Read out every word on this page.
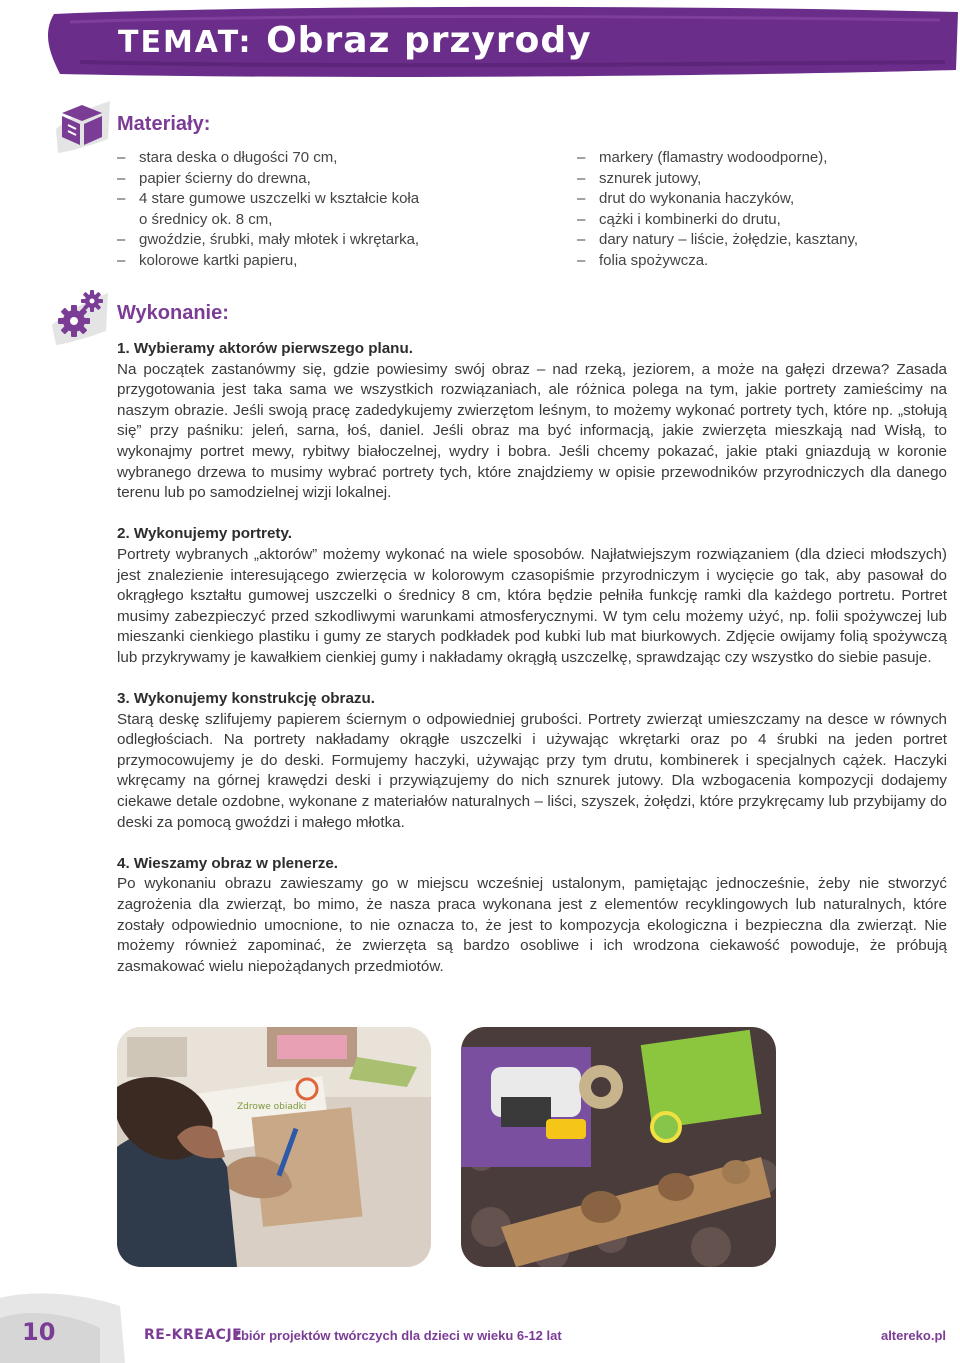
TEMAT: Obraz przyrody
Materiały:
– stara deska o długości 70 cm,
– papier ścierny do drewna,
– 4 stare gumowe uszczelki w kształcie koła
o średnicy ok. 8 cm,
– gwoździe, śrubki, mały młotek i wkrętarka,
– kolorowe kartki papieru,
– markery (flamastry wodoodporne),
– sznurek jutowy,
– drut do wykonania haczyków,
– cążki i kombinerki do drutu,
– dary natury – liście, żołędzie, kasztany,
– folia spożywcza.
Wykonanie:
1. Wybieramy aktorów pierwszego planu.

Na początek zastanówmy się, gdzie powiesimy swój obraz – nad rzeką, jeziorem, a może na gałęzi drzewa? Zasada przygotowania jest taka sama we wszystkich rozwiązaniach, ale różnica polega na tym, jakie portrety zamieścimy na naszym obrazie. Jeśli swoją pracę zadedykujemy zwierzętom leśnym, to możemy wykonać portrety tych, które np. „stołują się” przy paśniku: jeleń, sarna, łoś, daniel. Jeśli obraz ma być informacją, jakie zwierzęta mieszkają nad Wisłą, to wykonajmy portret mewy, rybitwy białoczelnej, wydry i bobra. Jeśli chcemy pokazać, jakie ptaki gniazdują w koronie wybranego drzewa to musimy wybrać portrety tych, które znajdziemy w opisie przewodników przyrodniczych dla danego terenu lub po samodzielnej wizji lokalnej.

2. Wykonujemy portrety.

Portrety wybranych „aktorów” możemy wykonać na wiele sposobów. Najłatwiejszym rozwiązaniem (dla dzieci młodszych) jest znalezienie interesującego zwierzęcia w kolorowym czasopiśmie przyrodniczym i wycięcie go tak, aby pasował do okrągłego kształtu gumowej uszczelki o średnicy 8 cm, która będzie pełniła funkcję ramki dla każdego portretu. Portret musimy zabezpieczyć przed szkodliwymi warunkami atmosferycznymi. W tym celu możemy użyć, np. folii spożywczej lub mieszanki cienkiego plastiku i gumy ze starych podkładek pod kubki lub mat biurkowych. Zdjęcie owijamy folią spożywczą lub przykrywamy je kawałkiem cienkiej gumy i nakładamy okrągłą uszczelkę, sprawdzając czy wszystko do siebie pasuje.

3. Wykonujemy konstrukcję obrazu.

Starą deskę szlifujemy papierem ściernym o odpowiedniej grubości. Portrety zwierząt umieszczamy na desce w równych odległościach. Na portrety nakładamy okrągłe uszczelki i używając wkrętarki oraz po 4 śrubki na jeden portret przymocowujemy je do deski. Formujemy haczyki, używając przy tym drutu, kombinerek i specjalnych cążek. Haczyki wkręcamy na górnej krawędzi deski i przywiązujemy do nich sznurek jutowy. Dla wzbogacenia kompozycji dodajemy ciekawe detale ozdobne, wykonane z materiałów naturalnych – liści, szyszek, żołędzi, które przykręcamy lub przybijamy do deski za pomocą gwoździ i małego młotka.

4. Wieszamy obraz w plenerze.

Po wykonaniu obrazu zawieszamy go w miejscu wcześniej ustalonym, pamiętając jednocześnie, żeby nie stworzyć zagrożenia dla zwierząt, bo mimo, że nasza praca wykonana jest z elementów recyklingowych lub naturalnych, które zostały odpowiednio umocnione, to nie oznacza to, że jest to kompozycja ekologiczna i bezpieczna dla zwierząt. Nie możemy również zapominać, że zwierzęta są bardzo osobliwe i ich wrodzona ciekawość powoduje, że próbują zasmakować wielu niepożądanych przedmiotów.

Zdrowe obiadki
10	RE-KREACJE
Zbiór projektów twórczych dla dzieci w wieku 6-12 lat	altereko.pl
